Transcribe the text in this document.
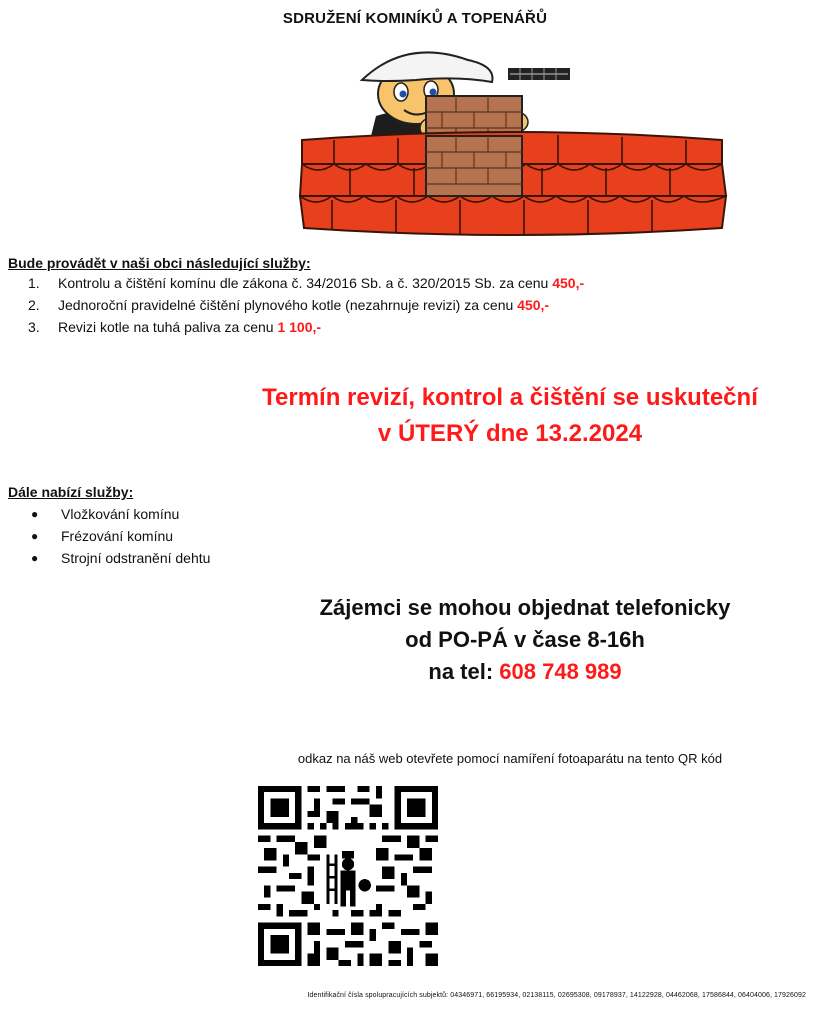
SDRUŽENÍ KOMINÍKŮ A TOPENÁŘŮ
Bude provádět v naši obci následující služby:
1.	Kontrolu a čištění komínu dle zákona č. 34/2016 Sb. a č. 320/2015 Sb. za cenu 450,-
2.	Jednoroční pravidelné čištění plynového kotle (nezahrnuje revizi) za cenu 450,-
3.	Revizi kotle na tuhá paliva za cenu 1 100,-
Termín revizí, kontrol a čištění se uskuteční
v ÚTERÝ dne 13.2.2024
Dále nabízí služby:
●	Vložkování komínu
●	Frézování komínu
●	Strojní odstranění dehtu
Zájemci se mohou objednat telefonicky
od PO-PÁ v čase 8-16h
na tel: 608 748 989
odkaz na náš web otevřete pomocí namíření fotoaparátu na tento QR kód
Identifikační čísla spolupracujících subjektů: 04346971, 66195934, 02138115, 02695308, 09178937, 14122928, 04462068, 17586844, 06404006, 17926092
